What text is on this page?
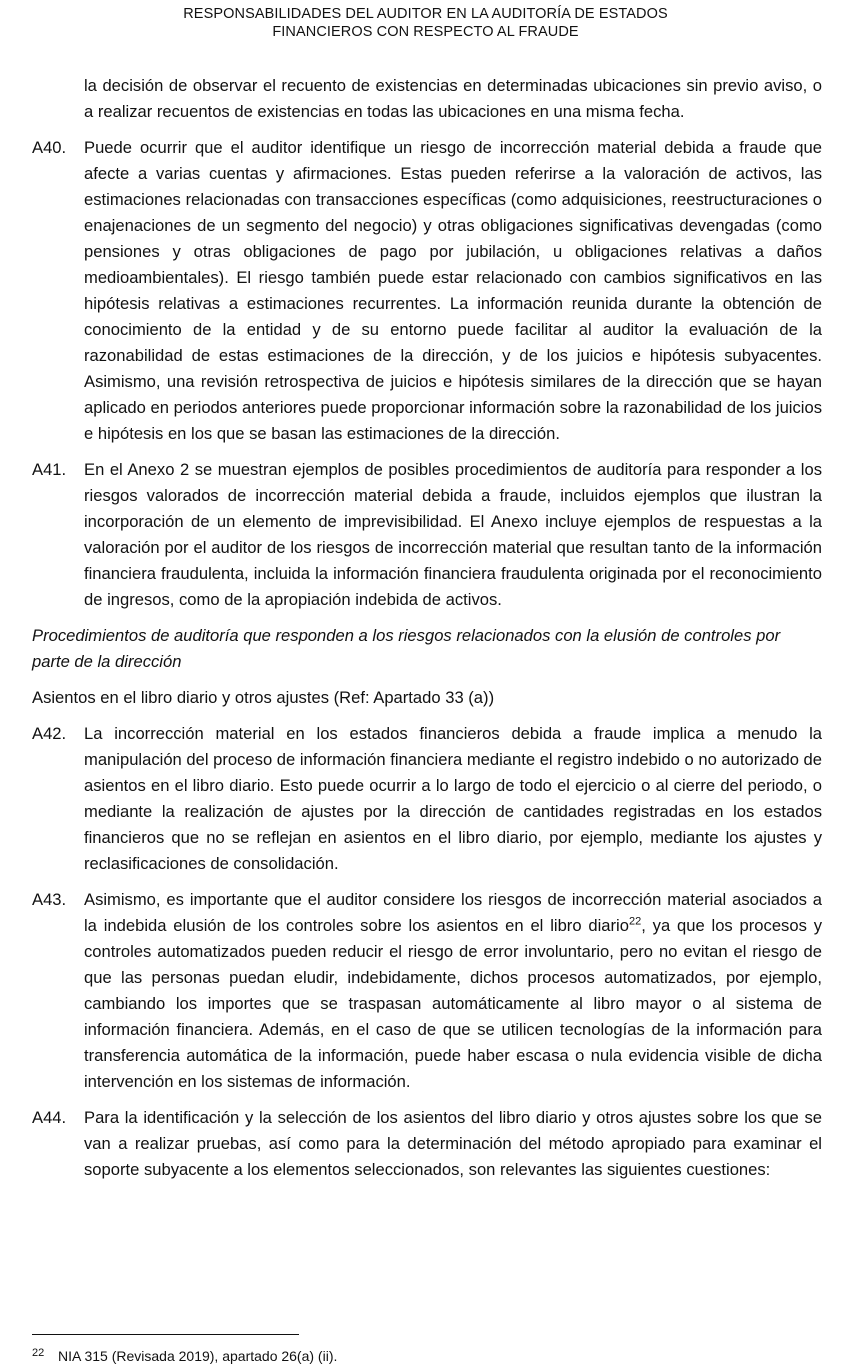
RESPONSABILIDADES DEL AUDITOR EN LA AUDITORÍA DE ESTADOS
FINANCIEROS CON RESPECTO AL FRAUDE

la decisión de observar el recuento de existencias en determinadas ubicaciones sin previo aviso, o a realizar recuentos de existencias en todas las ubicaciones en una misma fecha.

A40.	Puede ocurrir que el auditor identifique un riesgo de incorrección material debida a fraude que afecte a varias cuentas y afirmaciones. Estas pueden referirse a la valoración de activos, las estimaciones relacionadas con transacciones específicas (como adquisiciones, reestructuraciones o enajenaciones de un segmento del negocio) y otras obligaciones significativas devengadas (como pensiones y otras obligaciones de pago por jubilación, u obligaciones relativas a daños medioambientales). El riesgo también puede estar relacionado con cambios significativos en las hipótesis relativas a estimaciones recurrentes. La información reunida durante la obtención de conocimiento de la entidad y de su entorno puede facilitar al auditor la evaluación de la razonabilidad de estas estimaciones de la dirección, y de los juicios e hipótesis subyacentes. Asimismo, una revisión retrospectiva de juicios e hipótesis similares de la dirección que se hayan aplicado en periodos anteriores puede proporcionar información sobre la razonabilidad de los juicios e hipótesis en los que se basan las estimaciones de la dirección.
A41.	En el Anexo 2 se muestran ejemplos de posibles procedimientos de auditoría para responder a los riesgos valorados de incorrección material debida a fraude, incluidos ejemplos que ilustran la incorporación de un elemento de imprevisibilidad. El Anexo incluye ejemplos de respuestas a la valoración por el auditor de los riesgos de incorrección material que resultan tanto de la información financiera fraudulenta, incluida la información financiera fraudulenta originada por el reconocimiento de ingresos, como de la apropiación indebida de activos.
Procedimientos de auditoría que responden a los riesgos relacionados con la elusión de controles por parte de la dirección
Asientos en el libro diario y otros ajustes (Ref: Apartado 33 (a))
A42.	La incorrección material en los estados financieros debida a fraude implica a menudo la manipulación del proceso de información financiera mediante el registro indebido o no autorizado de asientos en el libro diario. Esto puede ocurrir a lo largo de todo el ejercicio o al cierre del periodo, o mediante la realización de ajustes por la dirección de cantidades registradas en los estados financieros que no se reflejan en asientos en el libro diario, por ejemplo, mediante los ajustes y reclasificaciones de consolidación.
A43.	Asimismo, es importante que el auditor considere los riesgos de incorrección material asociados a la indebida elusión de los controles sobre los asientos en el libro diario$^{22}$, ya que los procesos y controles automatizados pueden reducir el riesgo de error involuntario, pero no evitan el riesgo de que las personas puedan eludir, indebidamente, dichos procesos automatizados, por ejemplo, cambiando los importes que se traspasan automáticamente al libro mayor o al sistema de información financiera. Además, en el caso de que se utilicen tecnologías de la información para transferencia automática de la información, puede haber escasa o nula evidencia visible de dicha intervención en los sistemas de información.
A44.	Para la identificación y la selección de los asientos del libro diario y otros ajustes sobre los que se van a realizar pruebas, así como para la determinación del método apropiado para examinar el soporte subyacente a los elementos seleccionados, son relevantes las siguientes cuestiones:
22 NIA 315 (Revisada 2019), apartado 26(a) (ii).
